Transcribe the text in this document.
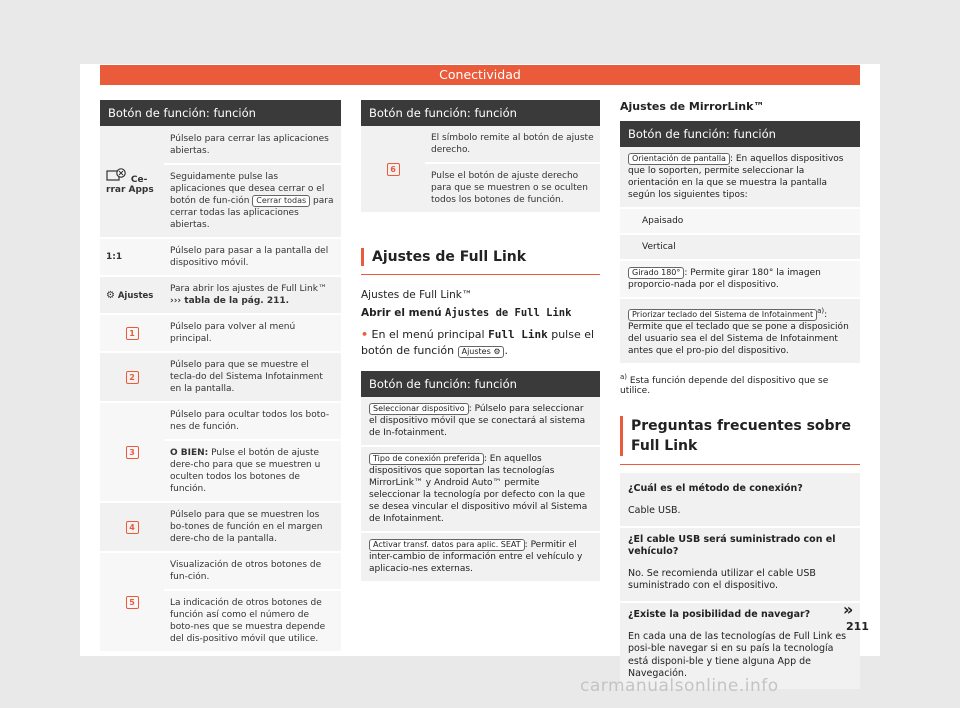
Conectividad
Botón de función: función
Ce-
rrar Apps	Púlselo para cerrar las aplicaciones abiertas.
	Seguidamente pulse las aplicaciones que desea cerrar o el botón de fun-ción Cerrar todas para cerrar todas las aplicaciones abiertas.
1:1	Púlselo para pasar a la pantalla del dispositivo móvil.
⚙ Ajustes	Para abrir los ajustes de Full Link™
››› tabla de la pág. 211.

1	Púlselo para volver al menú principal.
2	Púlselo para que se muestre el tecla-do del Sistema Infotainment en la pantalla.
3	Púlselo para ocultar todos los boto-nes de función.
	O BIEN: Pulse el botón de ajuste dere-cho para que se muestren u oculten todos los botones de función.
4	Púlselo para que se muestren los bo-tones de función en el margen dere-cho de la pantalla.
5	Visualización de otros botones de fun-ción.
	La indicación de otros botones de función así como el número de boto-nes que se muestra depende del dis-positivo móvil que utilice.
Botón de función: función
6	El símbolo remite al botón de ajuste derecho.
Pulse el botón de ajuste derecho para que se muestren o se oculten todos los botones de función.
Ajustes de Full Link
Ajustes de Full Link™
Abrir el menú Ajustes de Full Link
• En el menú principal Full Link pulse el botón de función Ajustes ⚙ .
Botón de función: función
Seleccionar dispositivo : Púlselo para seleccionar el dispositivo móvil que se conectará al sistema de In-fotainment.
Tipo de conexión preferida : En aquellos dispositivos que soportan las tecnologías MirrorLink™ y Android Auto™ permite seleccionar la tecnología por defecto con la que se desea vincular el dispositivo móvil al Sistema de Infotainment.
Activar transf. datos para aplic. SEAT : Permitir el inter-cambio de información entre el vehículo y aplicacio-nes externas.
Ajustes de MirrorLink™
Botón de función: función
Orientación de pantalla : En aquellos dispositivos que lo soporten, permite seleccionar la orientación en la que se muestra la pantalla según los siguientes tipos:
Apaisado
Vertical
Girado 180° : Permite girar 180° la imagen proporcio-nada por el dispositivo.
Priorizar teclado del Sistema de Infotainment $^{a)}$: Permite que el teclado que se pone a disposición del usuario sea el del Sistema de Infotainment antes que el pro-pio del dispositivo.
$^{a)}$ Esta función depende del dispositivo que se utilice.
Preguntas frecuentes sobre Full Link
¿Cuál es el método de conexión?
Cable USB.
¿El cable USB será suministrado con el vehículo?
No. Se recomienda utilizar el cable USB suministrado con el dispositivo.
¿Existe la posibilidad de navegar?
En cada una de las tecnologías de Full Link es posi-ble navegar si en su país la tecnología está disponi-ble y tiene alguna App de Navegación.
»
211
carmanualsonline.info
